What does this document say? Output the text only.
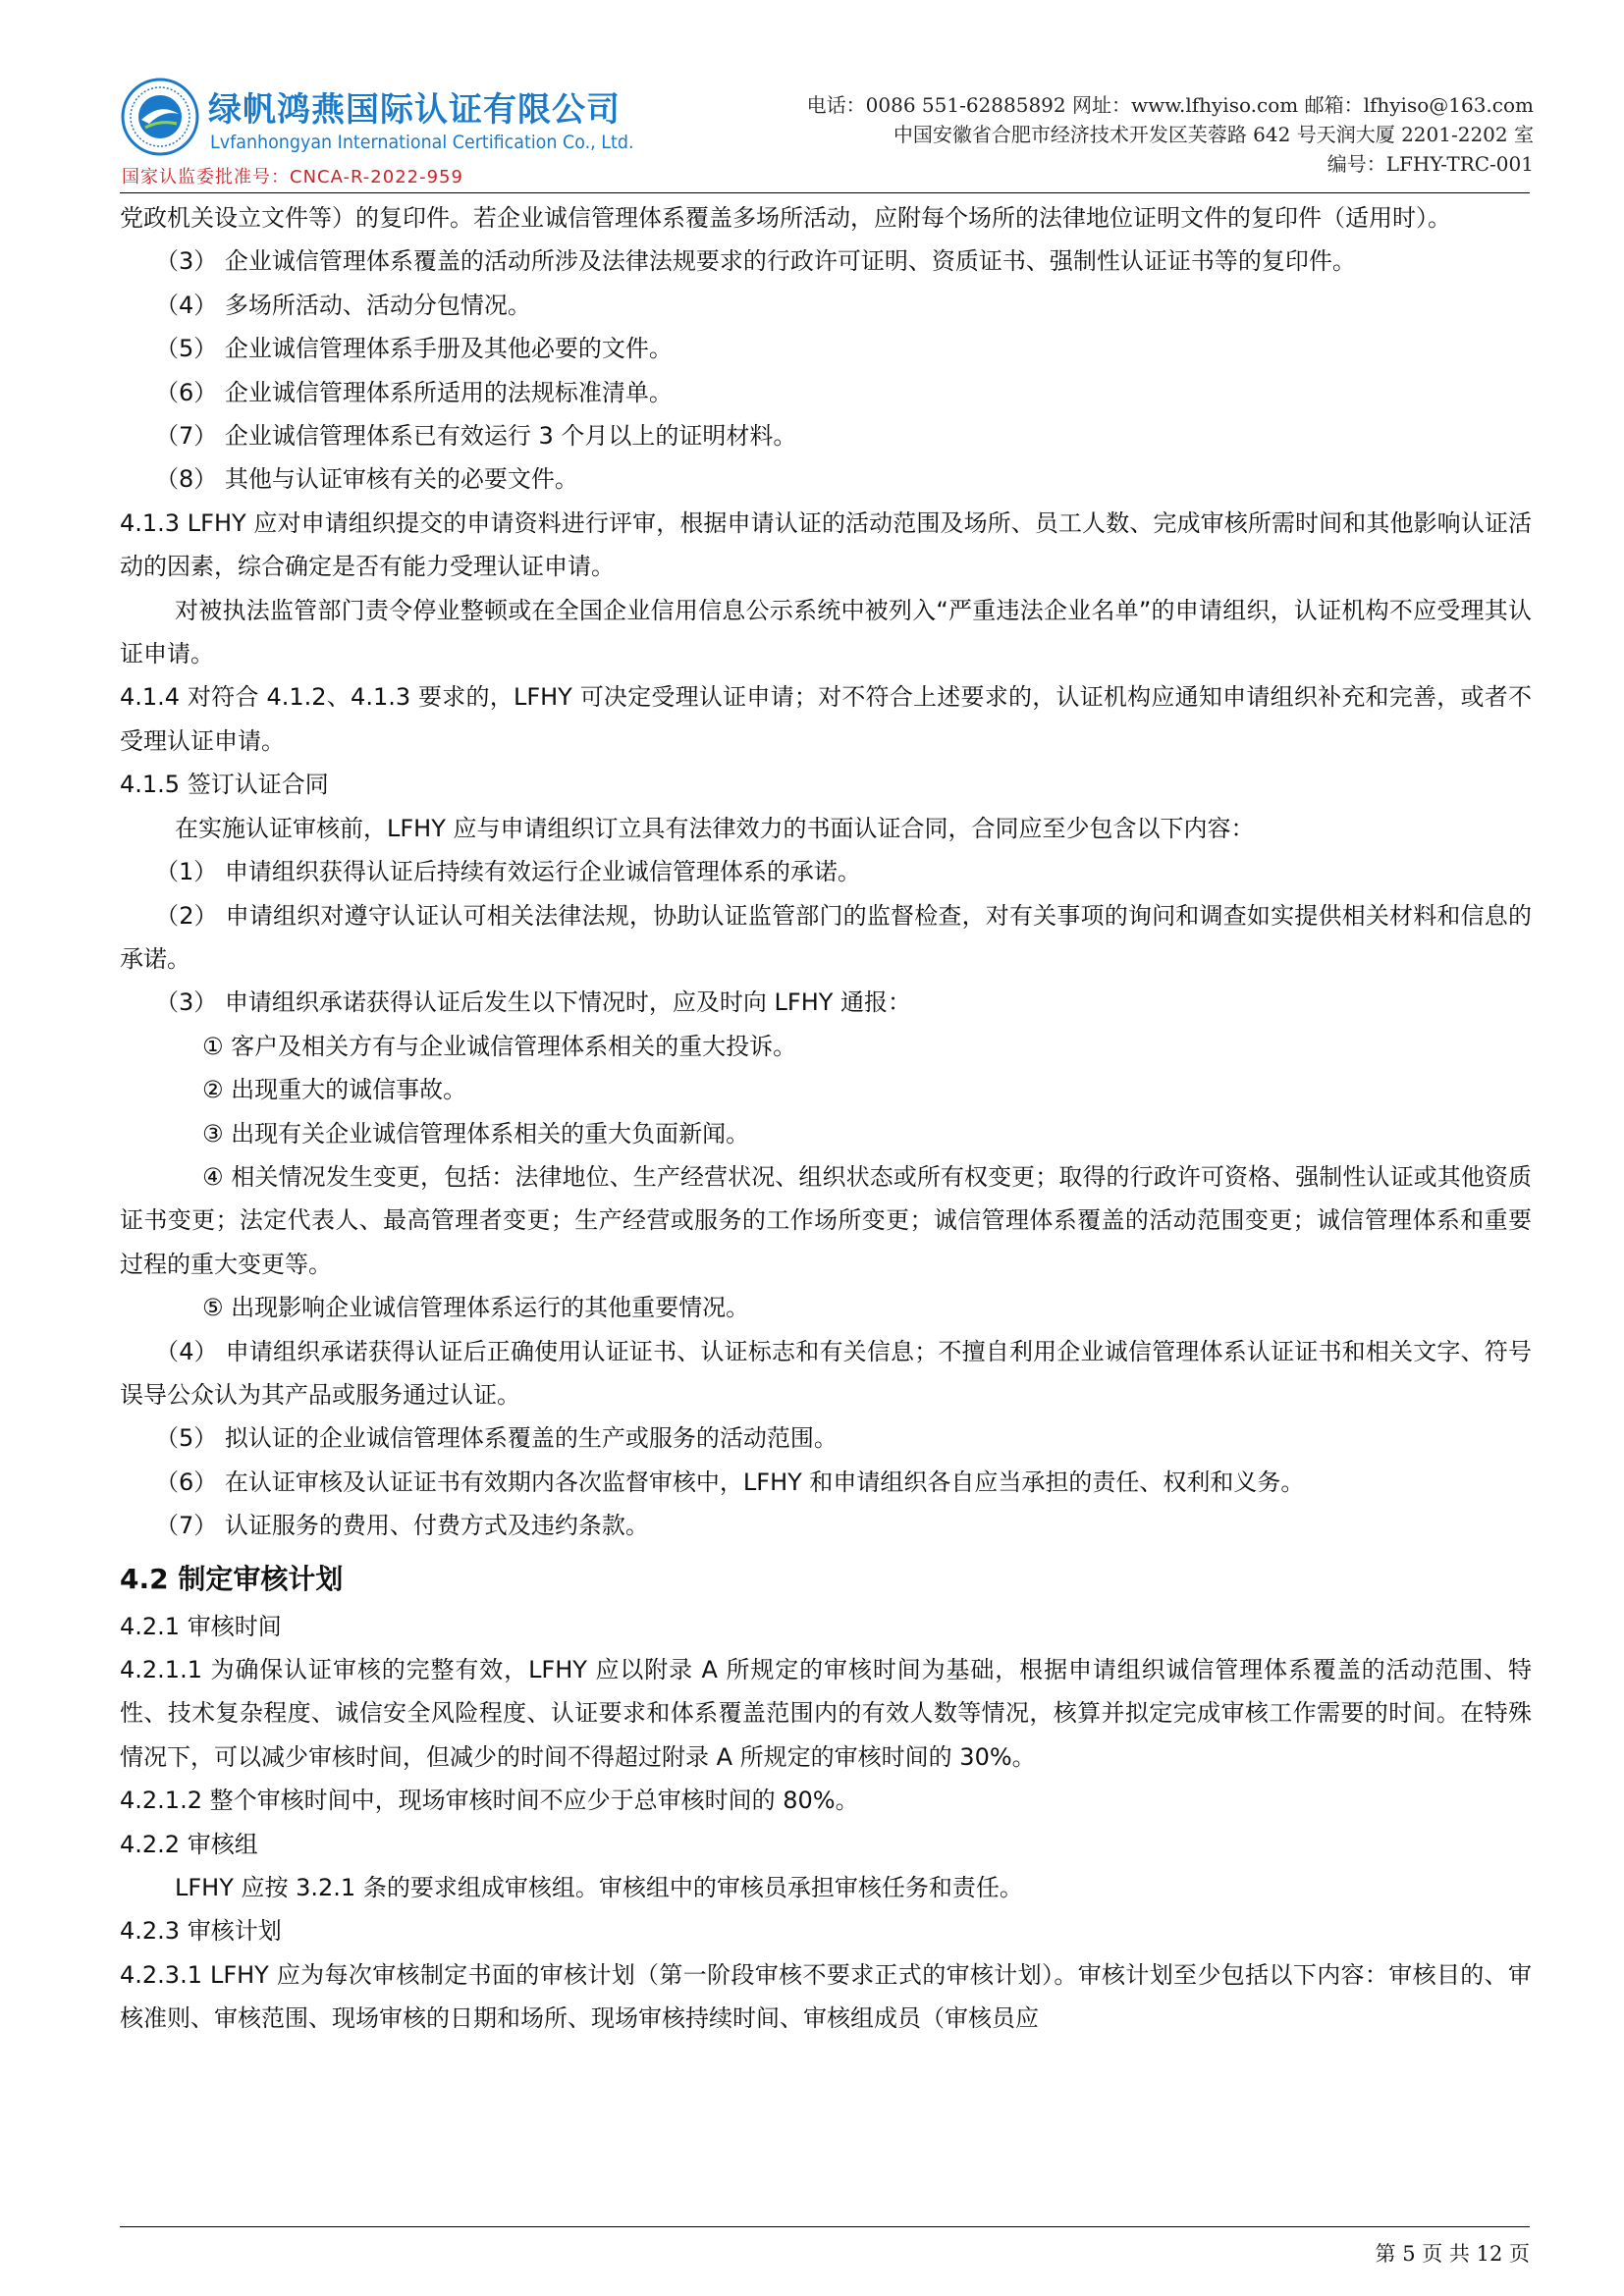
绿帆鸿燕国际认证有限公司
Lvfanhongyan International Certification Co., Ltd.
国家认监委批准号：CNCA-R-2022-959
电话：0086 551-62885892 网址：www.lfhyiso.com 邮箱：lfhyiso@163.com
中国安徽省合肥市经济技术开发区芙蓉路 642 号天润大厦 2201-2202 室
编号：LFHY-TRC-001

党政机关设立文件等）的复印件。若企业诚信管理体系覆盖多场所活动，应附每个场所的法律地位证明文件的复印件（适用时）。

（3） 企业诚信管理体系覆盖的活动所涉及法律法规要求的行政许可证明、资质证书、强制性认证证书等的复印件。

（4） 多场所活动、活动分包情况。

（5） 企业诚信管理体系手册及其他必要的文件。

（6） 企业诚信管理体系所适用的法规标准清单。

（7） 企业诚信管理体系已有效运行 3 个月以上的证明材料。

（8） 其他与认证审核有关的必要文件。

4.1.3 LFHY 应对申请组织提交的申请资料进行评审，根据申请认证的活动范围及场所、员工人数、完成审核所需时间和其他影响认证活动的因素，综合确定是否有能力受理认证申请。

对被执法监管部门责令停业整顿或在全国企业信用信息公示系统中被列入“严重违法企业名单”的申请组织，认证机构不应受理其认证申请。

4.1.4 对符合 4.1.2、4.1.3 要求的，LFHY 可决定受理认证申请；对不符合上述要求的，认证机构应通知申请组织补充和完善，或者不受理认证申请。

4.1.5 签订认证合同

在实施认证审核前，LFHY 应与申请组织订立具有法律效力的书面认证合同，合同应至少包含以下内容：

（1） 申请组织获得认证后持续有效运行企业诚信管理体系的承诺。

（2） 申请组织对遵守认证认可相关法律法规，协助认证监管部门的监督检查，对有关事项的询问和调查如实提供相关材料和信息的承诺。

（3） 申请组织承诺获得认证后发生以下情况时，应及时向 LFHY 通报：

① 客户及相关方有与企业诚信管理体系相关的重大投诉。

② 出现重大的诚信事故。

③ 出现有关企业诚信管理体系相关的重大负面新闻。

④ 相关情况发生变更，包括：法律地位、生产经营状况、组织状态或所有权变更；取得的行政许可资格、强制性认证或其他资质证书变更；法定代表人、最高管理者变更；生产经营或服务的工作场所变更；诚信管理体系覆盖的活动范围变更；诚信管理体系和重要过程的重大变更等。

⑤ 出现影响企业诚信管理体系运行的其他重要情况。

（4） 申请组织承诺获得认证后正确使用认证证书、认证标志和有关信息；不擅自利用企业诚信管理体系认证证书和相关文字、符号误导公众认为其产品或服务通过认证。

（5） 拟认证的企业诚信管理体系覆盖的生产或服务的活动范围。

（6） 在认证审核及认证证书有效期内各次监督审核中，LFHY 和申请组织各自应当承担的责任、权利和义务。

（7） 认证服务的费用、付费方式及违约条款。

4.2 制定审核计划

4.2.1 审核时间

4.2.1.1 为确保认证审核的完整有效，LFHY 应以附录 A 所规定的审核时间为基础，根据申请组织诚信管理体系覆盖的活动范围、特性、技术复杂程度、诚信安全风险程度、认证要求和体系覆盖范围内的有效人数等情况，核算并拟定完成审核工作需要的时间。在特殊情况下，可以减少审核时间，但减少的时间不得超过附录 A 所规定的审核时间的 30%。

4.2.1.2 整个审核时间中，现场审核时间不应少于总审核时间的 80%。

4.2.2 审核组

LFHY 应按 3.2.1 条的要求组成审核组。审核组中的审核员承担审核任务和责任。

4.2.3 审核计划

4.2.3.1 LFHY 应为每次审核制定书面的审核计划（第一阶段审核不要求正式的审核计划）。审核计划至少包括以下内容：审核目的、审核准则、审核范围、现场审核的日期和场所、现场审核持续时间、审核组成员（审核员应

第 5 页 共 12 页
